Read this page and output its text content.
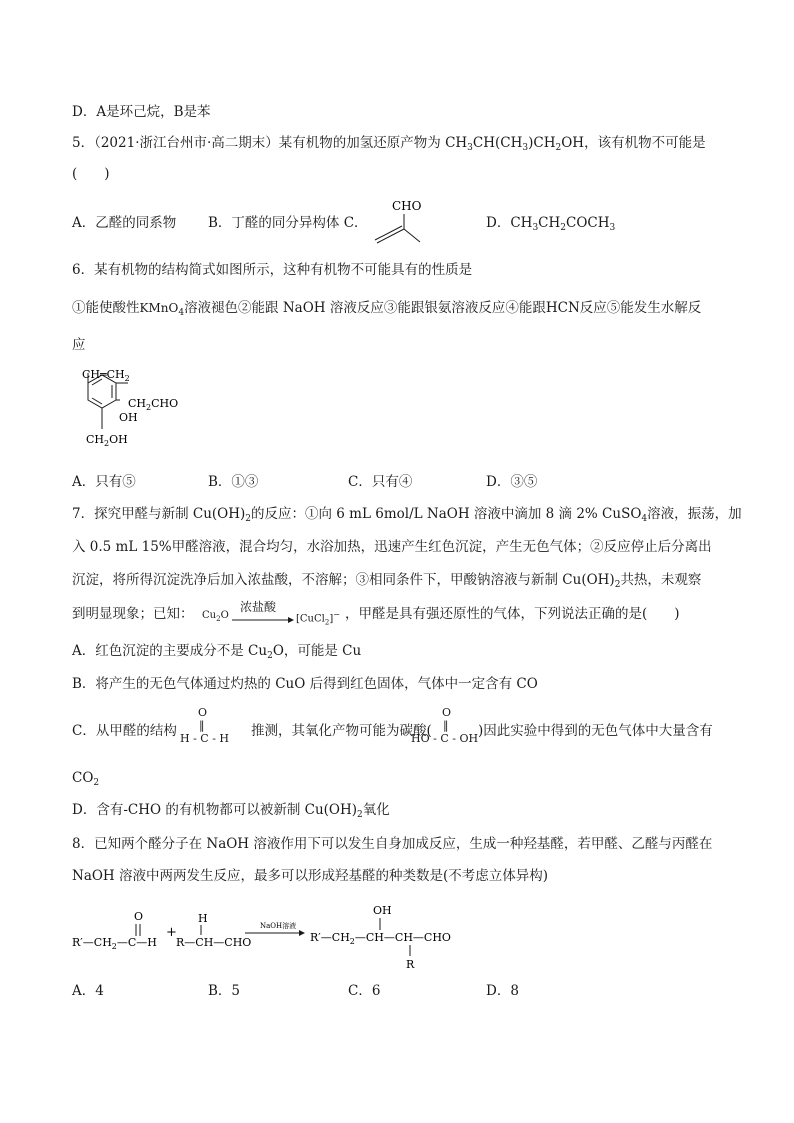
D．A是环己烷，B是苯
5．（2021·浙江台州市·高二期末）某有机物的加氢还原产物为 $CH_3CH(CH_3)CH_2OH$，该有机物不可能是
(　　)
A．乙醛的同系物 B．丁醛的同分异构体 C．
CHO
D．$CH_3CH_2COCH_3$
6．某有机物的结构简式如图所示，这种有机物不可能具有的性质是
①能使酸性KMnO$_4$溶液褪色②能跟 NaOH 溶液反应③能跟银氨溶液反应④能跟HCN反应⑤能发生水解反
应
$CH═CH_2$
$CH_2CHO$
OH
$CH_2OH$
A．只有⑤	B．①③	C．只有④	D．③⑤
7．探究甲醛与新制 $Cu(OH)_2$的反应：①向 6 mL 6mol/L NaOH 溶液中滴加 8 滴 2% CuSO$_4$溶液，振荡，加
入 0.5 mL 15%甲醛溶液，混合均匀，水浴加热，迅速产生红色沉淀，产生无色气体；②反应停止后分离出
沉淀，将所得沉淀洗净后加入浓盐酸，不溶解；③相同条件下，甲酸钠溶液与新制 $Cu(OH)_2$共热，未观察
到明显现象；已知： $Cu_2O$
浓盐酸
[CuCl$_2$]− ，甲醛是具有强还原性的气体，下列说法正确的是(　　)
A．红色沉淀的主要成分不是 $Cu_2O$，可能是 Cu
B．将产生的无色气体通过灼热的 CuO 后得到红色固体，气体中一定含有 CO
C．从甲醛的结构
O
‖
H - C - H 推测，其氧化产物可能为碳酸(
O
‖
HO - C - OH )因此实验中得到的无色气体中大量含有
$CO_2$
D．含有-CHO 的有机物都可以被新制 $Cu(OH)_2$氧化
8．已知两个醛分子在 NaOH 溶液作用下可以发生自身加成反应，生成一种羟基醛，若甲醛、乙醛与丙醛在
NaOH 溶液中两两发生反应，最多可以形成羟基醛的种类数是(不考虑立体异构)
$R'—CH_2—C—H$
O
+
H
R—CH—CHO
NaOH溶液
$R'—CH_2—CH—CH—CHO$
OH
R
A．4	B．5	C．6	D．8
